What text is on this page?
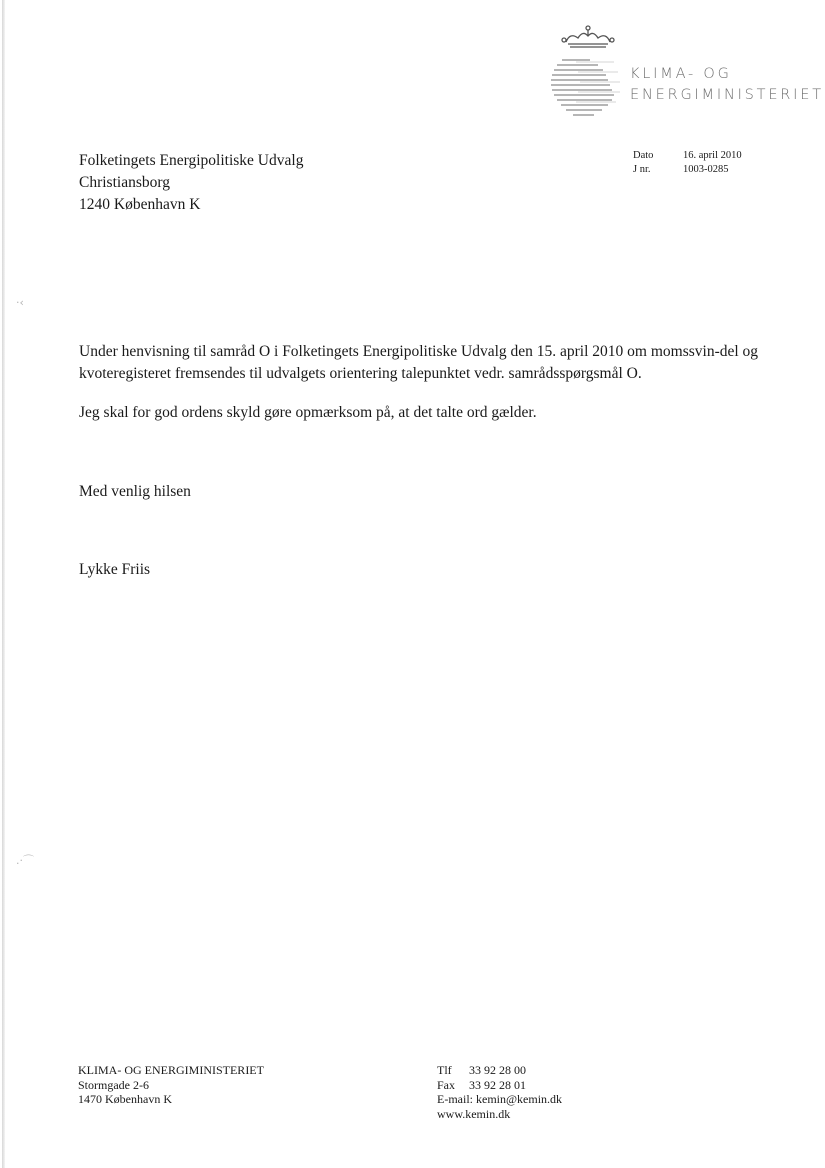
KLIMA- OG
ENERGIMINISTERIET
Folketingets Energipolitiske Udvalg
Christiansborg
1240 København K
Dato	16. april 2010
J nr.	1003-0285

Under henvisning til samråd O i Folketingets Energipolitiske Udvalg den 15. april 2010 om momssvin-del og kvoteregisteret fremsendes til udvalgets orientering talepunktet vedr. samrådsspørgsmål O.

Jeg skal for god ordens skyld gøre opmærksom på, at det talte ord gælder.

Med venlig hilsen
Lykke Friis
KLIMA- OG ENERGIMINISTERIET
Stormgade 2-6
1470 København K
Tlf	33 92 28 00
Fax	33 92 28 01
E-mail: kemin@kemin.dk
www.kemin.dk
·‹
.·⌒
